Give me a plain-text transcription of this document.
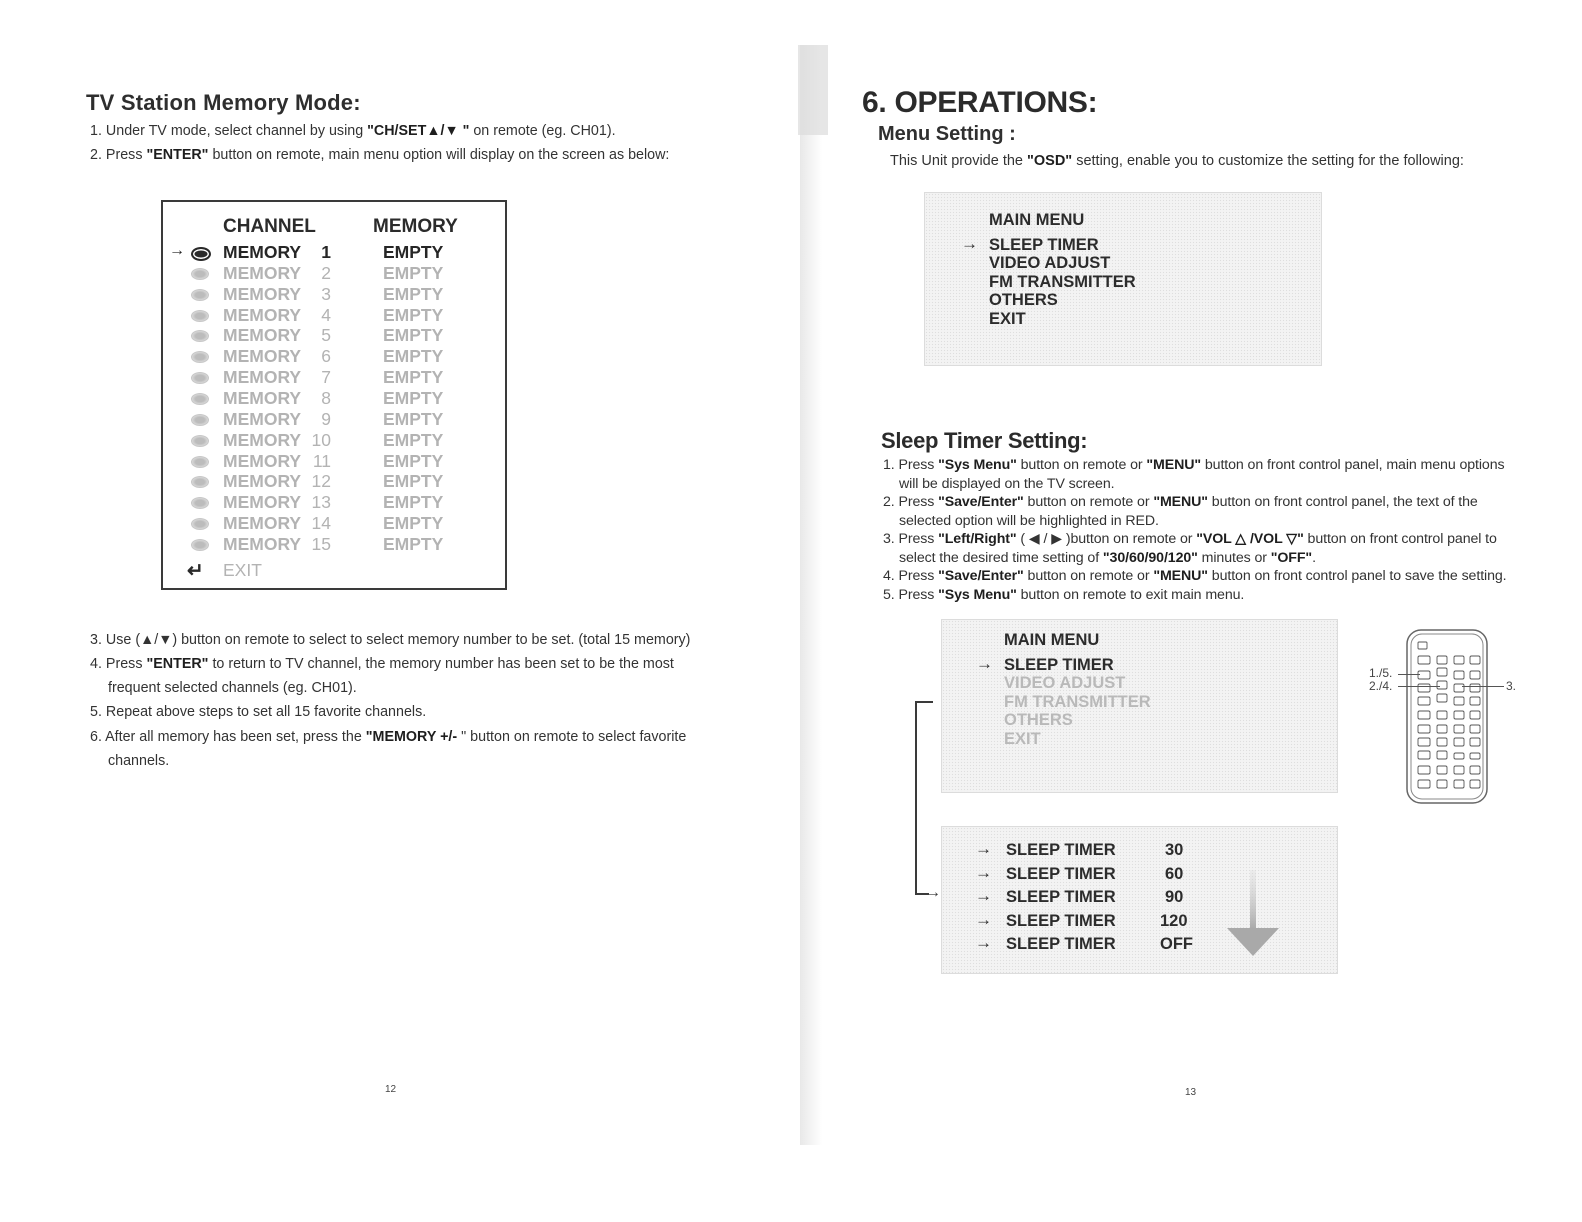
TV Station Memory Mode:
1. Under TV mode, select channel by using "CH/SET▲/▼ " on remote (eg. CH01).
2. Press "ENTER" button on remote, main menu option will display on the screen as below:
CHANNEL	MEMORY
→ MEMORY 1	EMPTY
MEMORY 2	EMPTY
MEMORY 3	EMPTY
MEMORY 4	EMPTY
MEMORY 5	EMPTY
MEMORY 6	EMPTY
MEMORY 7	EMPTY
MEMORY 8	EMPTY
MEMORY 9	EMPTY
MEMORY 10	EMPTY
MEMORY 11	EMPTY
MEMORY 12	EMPTY
MEMORY 13	EMPTY
MEMORY 14	EMPTY
MEMORY 15	EMPTY
↵ EXIT
3. Use (▲/▼) button on remote to select to select memory number to be set. (total 15 memory)
4. Press "ENTER" to return to TV channel, the memory number has been set to be the most
frequent selected channels (eg. CH01).
5. Repeat above steps to set all 15 favorite channels.
6. After all memory has been set, press the "MEMORY +/- " button on remote to select favorite
channels.
12
6. OPERATIONS:
Menu Setting :
This Unit provide the "OSD" setting, enable you to customize the setting for the following:
MAIN MENU
→ SLEEP TIMER
VIDEO ADJUST
FM TRANSMITTER
OTHERS
EXIT
Sleep Timer Setting:
1. Press "Sys Menu" button on remote or "MENU" button on front control panel, main menu options
will be displayed on the TV screen.
2. Press "Save/Enter" button on remote or "MENU" button on front control panel, the text of the
selected option will be highlighted in RED.
3. Press "Left/Right" ( ◀ / ▶ )button on remote or "VOL △ /VOL ▽" button on front control panel to
select the desired time setting of "30/60/90/120" minutes or "OFF".
4. Press "Save/Enter" button on remote or "MENU" button on front control panel to save the setting.
5. Press "Sys Menu" button on remote to exit main menu.
MAIN MENU
→ SLEEP TIMER
VIDEO ADJUST
FM TRANSMITTER
OTHERS
EXIT
→
→ SLEEP TIMER	30
→ SLEEP TIMER	60
→ SLEEP TIMER	90
→ SLEEP TIMER	120
→ SLEEP TIMER	OFF
1./5.
2./4.	3.
13
